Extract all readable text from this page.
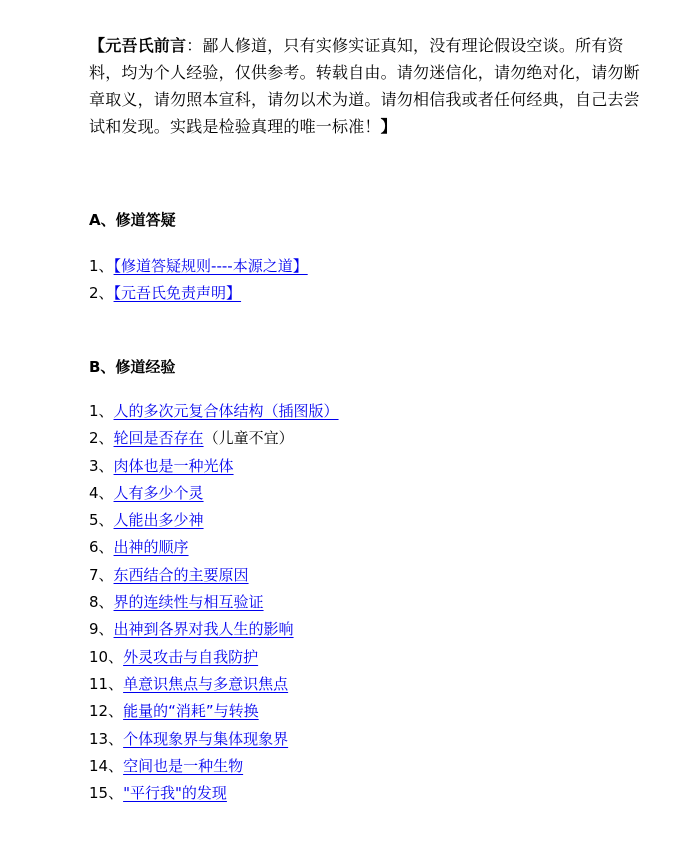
【元吾氏前言：鄙人修道，只有实修实证真知，没有理论假设空谈。所有资料，均为个人经验，仅供参考。转载自由。请勿迷信化，请勿绝对化，请勿断章取义，请勿照本宣科，请勿以术为道。请勿相信我或者任何经典，自己去尝试和发现。实践是检验真理的唯一标准！】
A、修道答疑
1、【修道答疑规则----本源之道】
2、【元吾氏免责声明】
B、修道经验
1、人的多次元复合体结构（插图版）
2、轮回是否存在（儿童不宜）
3、肉体也是一种光体
4、人有多少个灵
5、人能出多少神
6、出神的顺序
7、东西结合的主要原因
8、界的连续性与相互验证
9、出神到各界对我人生的影响
10、外灵攻击与自我防护
11、单意识焦点与多意识焦点
12、能量的“消耗”与转换
13、个体现象界与集体现象界
14、空间也是一种生物
15、"平行我"的发现
